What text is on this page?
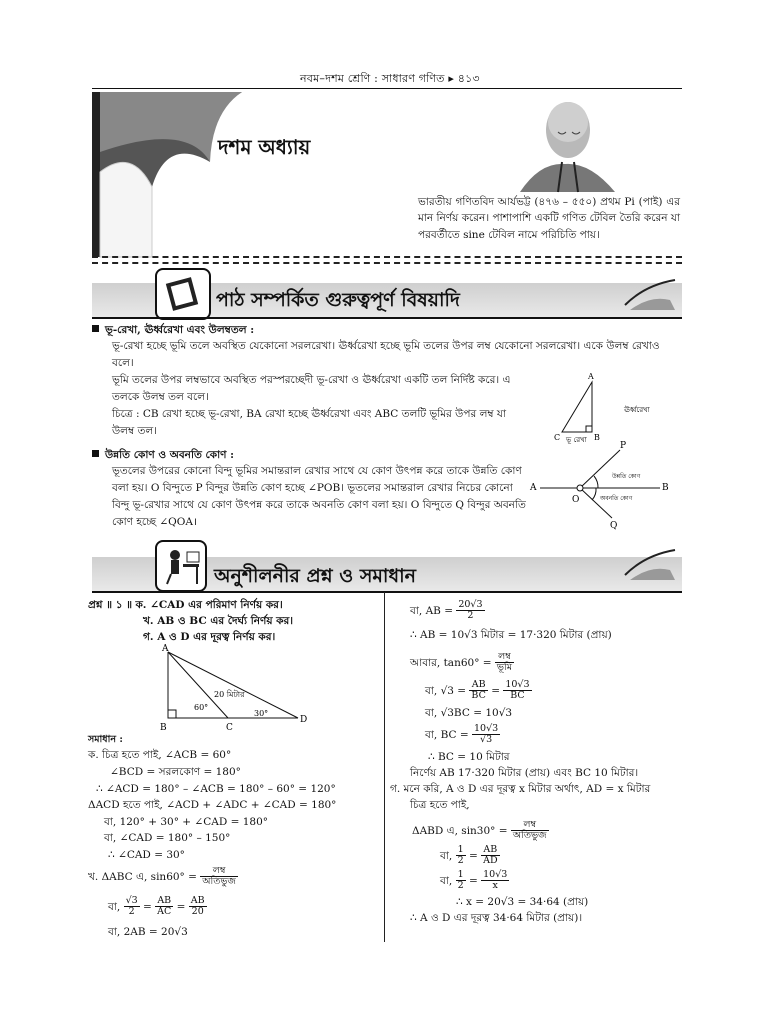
নবম–দশম শ্রেণি : সাধারণ গণিত ▸ ৪১৩
দশম অধ্যায়
ভারতীয় গণিতবিদ আর্যভট্ট (৪৭৬ – ৫৫০) প্রথম Pi (পাই) এর মান নির্ণয় করেন। পাশাপাশি একটি গণিত টেবিল তৈরি করেন যা পরবর্তীতে sine টেবিল নামে পরিচিতি পায়।
পাঠ সম্পর্কিত গুরুত্বপূর্ণ বিষয়াদি
ভূ-রেখা, ঊর্ধ্বরেখা এবং উলম্বতল :
ভূ-রেখা হচ্ছে ভূমি তলে অবস্থিত যেকোনো সরলরেখা। ঊর্ধ্বরেখা হচ্ছে ভূমি তলের উপর লম্ব যেকোনো সরলরেখা। একে উলম্ব রেখাও বলে।
ভূমি তলের উপর লম্বভাবে অবস্থিত পরস্পরচ্ছেদী ভূ-রেখা ও ঊর্ধ্বরেখা একটি তল নির্দিষ্ট করে। এ তলকে উলম্ব তল বলে।
চিত্রে : CB রেখা হচ্ছে ভূ-রেখা, BA রেখা হচ্ছে ঊর্ধ্বরেখা এবং ABC তলটি ভূমির উপর লম্ব যা উলম্ব তল।
A
B
C ভূ রেখা
ঊর্ধ্বরেখা
উন্নতি কোণ ও অবনতি কোণ :
ভূতলের উপরের কোনো বিন্দু ভূমির সমান্তরাল রেখার সাথে যে কোণ উৎপন্ন করে তাকে উন্নতি কোণ বলা হয়। O বিন্দুতে P বিন্দুর উন্নতি কোণ হচ্ছে ∠POB। ভূতলের সমান্তরাল রেখার নিচের কোনো বিন্দু ভূ-রেখার সাথে যে কোণ উৎপন্ন করে তাকে অবনতি কোণ বলা হয়। O বিন্দুতে Q বিন্দুর অবনতি কোণ হচ্ছে ∠QOA।
A	B
O
P
Q
উন্নতি কোণ
অবনতি কোণ
অনুশীলনীর প্রশ্ন ও সমাধান
প্রশ্ন ॥ ১ ॥ ক. ∠CAD এর পরিমাণ নির্ণয় কর।
খ. AB ও BC এর দৈর্ঘ্য নির্ণয় কর।
গ. A ও D এর দূরত্ব নির্ণয় কর।
A
B	C
D
20 মিটার
60°
30°
সমাধান :
ক. চিত্র হতে পাই, ∠ACB = 60°
∠BCD = সরলকোণ = 180°
∴ ∠ACD = 180° – ∠ACB = 180° – 60° = 120°
ΔACD হতে পাই, ∠ACD + ∠ADC + ∠CAD = 180°
বা, 120° + 30° + ∠CAD = 180°
বা, ∠CAD = 180° – 150°
∴ ∠CAD = 30°
খ. ΔABC এ, $\sin 60^\circ = \frac{\text{লম্ব}}{\text{অতিভুজ}}$
বা, $\frac{√3}{2} = \frac{AB}{AC} = \frac{AB}{20}$
বা, 2AB = 20√3
বা, AB = $\frac{20√3}{2}$
∴ AB = 10√3 মিটার = 17·320 মিটার (প্রায়)
আবার, $\tan 60^\circ = \frac{\text{লম্ব}}{\text{ভূমি}}$
বা, $√3 = \frac{AB}{BC} = \frac{10√3}{BC}$
বা, √3BC = 10√3
বা, BC = $\frac{10√3}{√3}$
∴ BC = 10 মিটার
নির্ণেয় AB 17·320 মিটার (প্রায়) এবং BC 10 মিটার।
গ. মনে করি, A ও D এর দূরত্ব x মিটার অর্থাৎ, AD = x মিটার
চিত্র হতে পাই,
ΔABD এ, $\sin 30^\circ = \frac{\text{লম্ব}}{\text{অতিভুজ}}$
বা, $\frac{1}{2} = \frac{AB}{AD}$
বা, $\frac{1}{2} = \frac{10√3}{x}$
∴ x = 20√3 = 34·64 (প্রায়)
∴ A ও D এর দূরত্ব 34·64 মিটার (প্রায়)।
